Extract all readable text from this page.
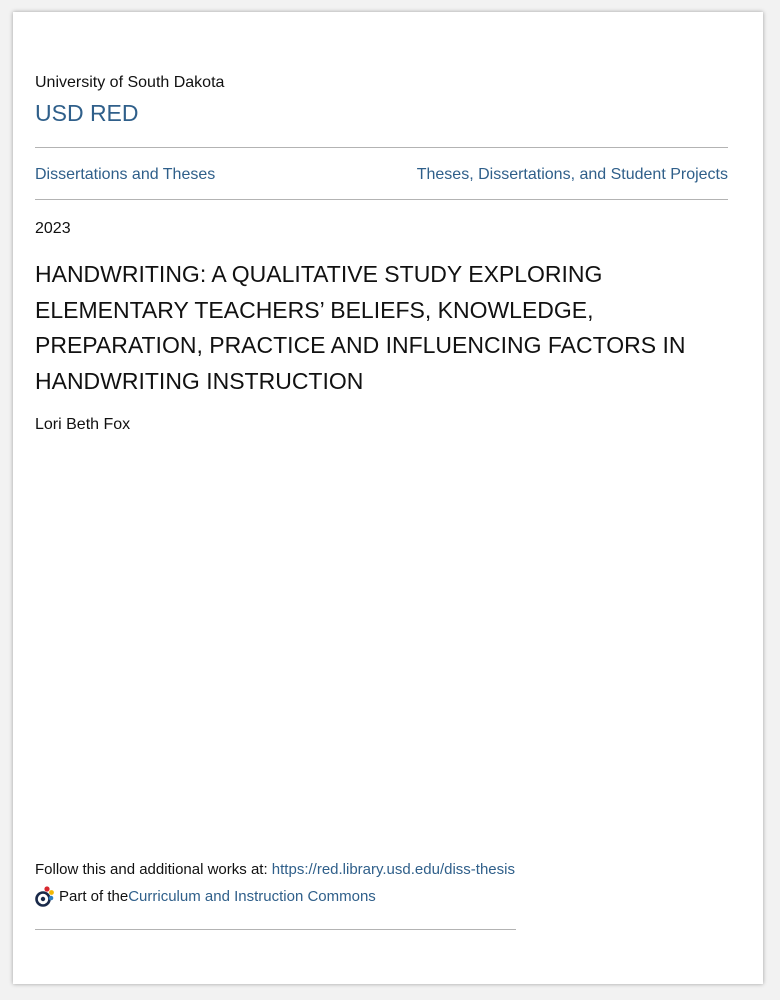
University of South Dakota
USD RED
Dissertations and Theses	Theses, Dissertations, and Student Projects
2023
HANDWRITING: A QUALITATIVE STUDY EXPLORING ELEMENTARY TEACHERS’ BELIEFS, KNOWLEDGE, PREPARATION, PRACTICE AND INFLUENCING FACTORS IN HANDWRITING INSTRUCTION
Lori Beth Fox
Follow this and additional works at: https://red.library.usd.edu/diss-thesis
Part of the Curriculum and Instruction Commons
